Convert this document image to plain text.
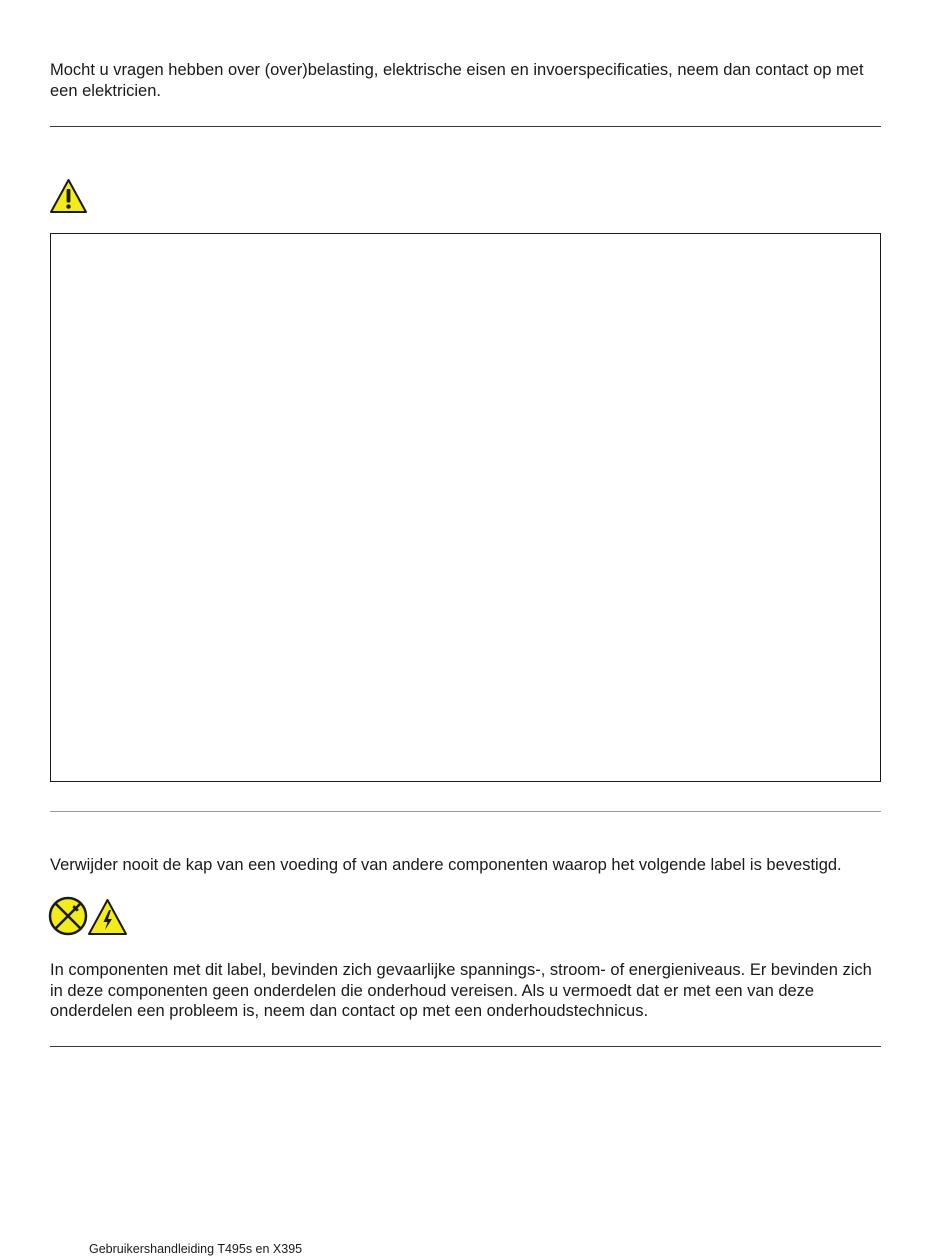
Mocht u vragen hebben over (over)belasting, elektrische eisen en invoerspecificaties, neem dan contact op met een elektricien.

Verwijder nooit de kap van een voeding of van andere componenten waarop het volgende label is bevestigd.

In componenten met dit label, bevinden zich gevaarlijke spannings-, stroom- of energieniveaus. Er bevinden zich in deze componenten geen onderdelen die onderhoud vereisen. Als u vermoedt dat er met een van deze onderdelen een probleem is, neem dan contact op met een onderhoudstechnicus.

Gebruikershandleiding T495s en X395
